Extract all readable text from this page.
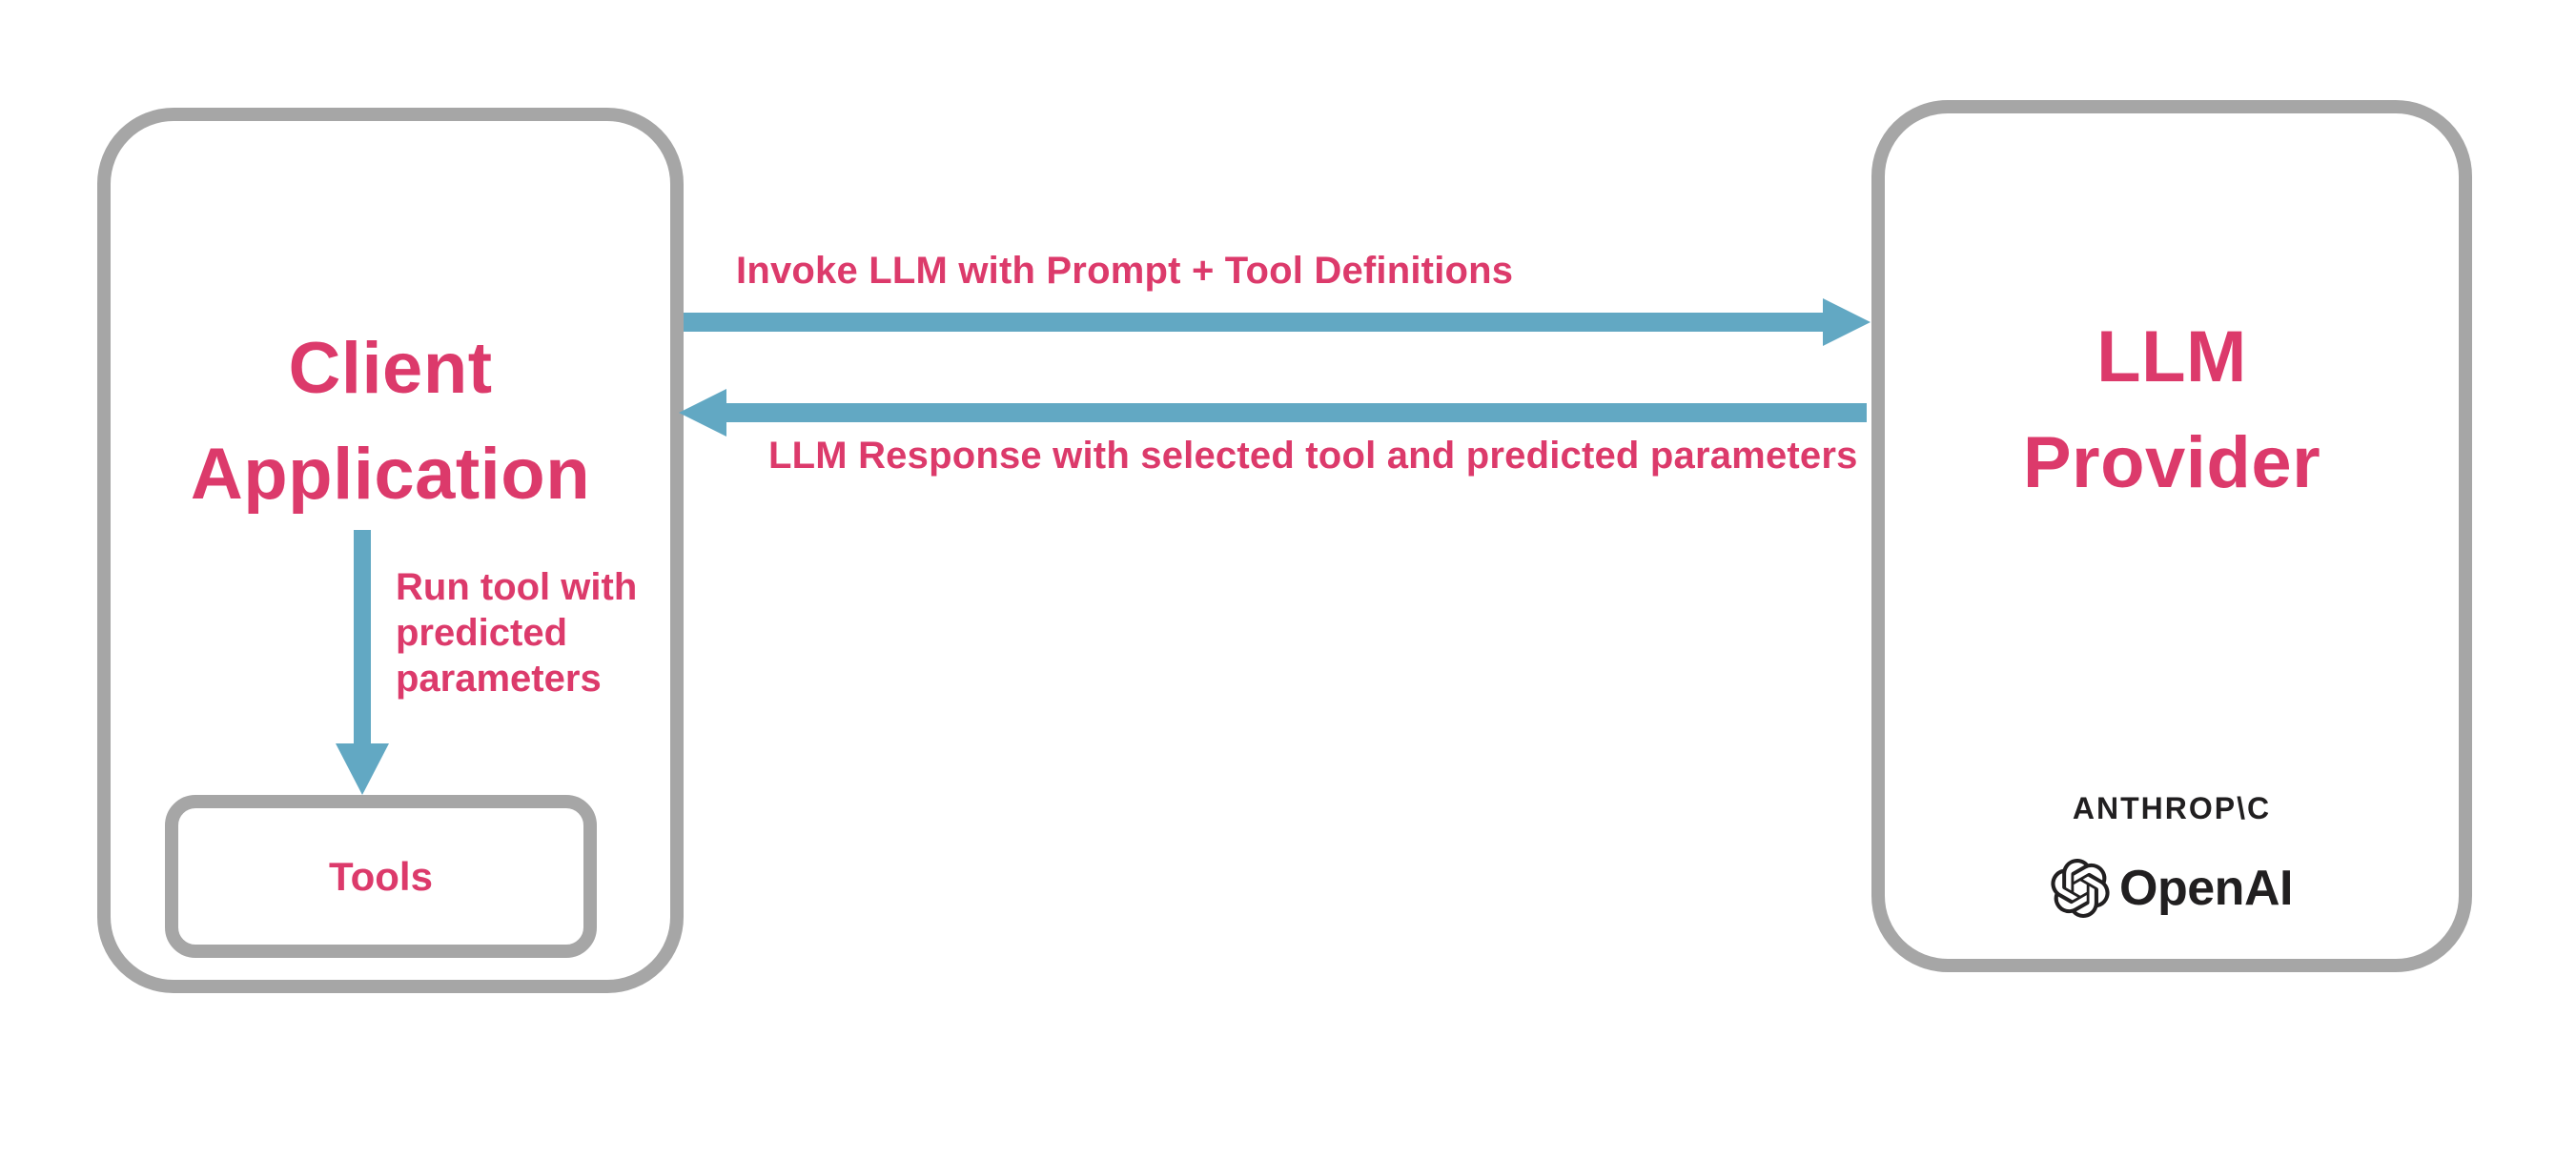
Client
Application
Run tool with
predicted
parameters
Tools
Invoke LLM with Prompt + Tool Definitions
LLM Response with selected tool and predicted parameters
LLM
Provider
ANTHROP\C
OpenAI
